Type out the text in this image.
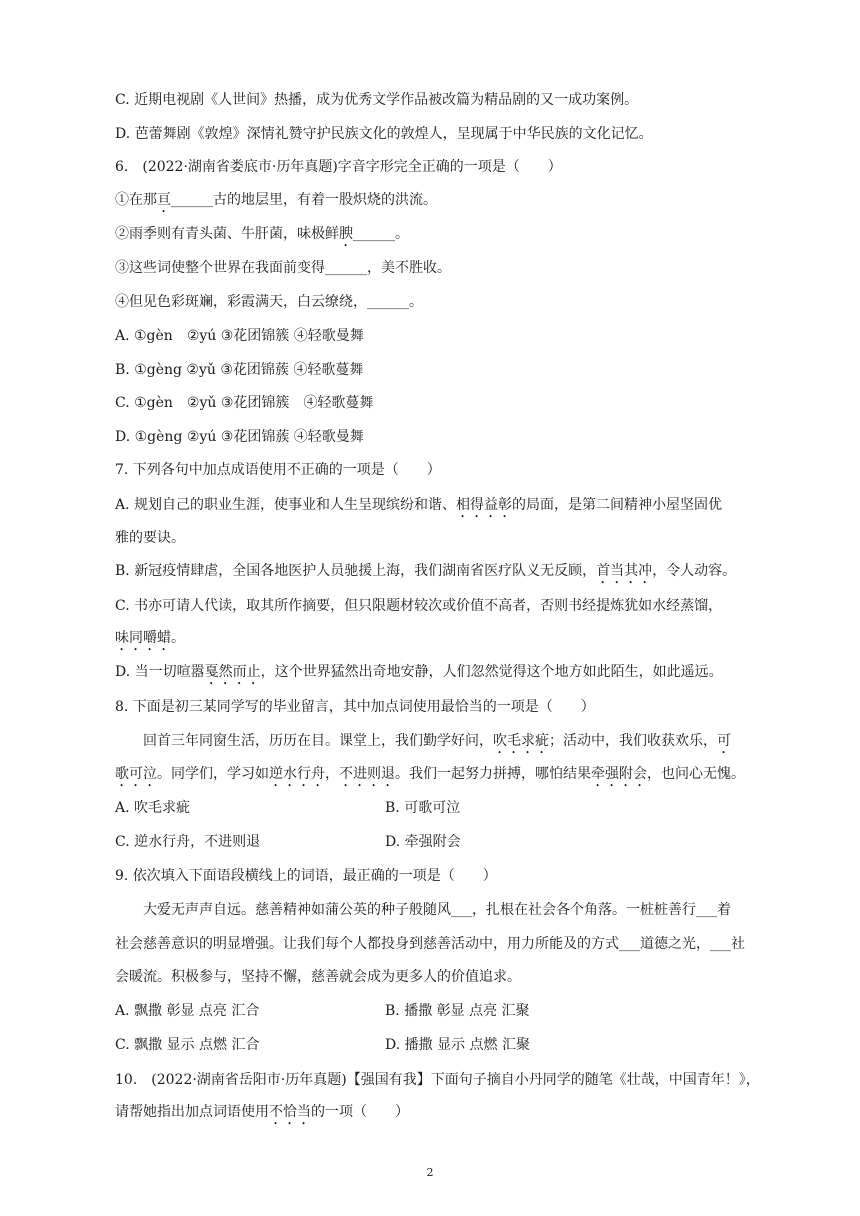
C. 近期电视剧《人世间》热播，成为优秀文学作品被改篇为精品剧的又一成功案例。
D. 芭蕾舞剧《敦煌》深情礼赞守护民族文化的敦煌人，呈现属于中华民族的文化记忆。
6.　(2022·湖南省娄底市·历年真题)字音字形完全正确的一项是（　　）
①在那亘______古的地层里，有着一股炽烧的洪流。
②雨季则有青头菌、牛肝菌，味极鲜腴______。
③这些词使整个世界在我面前变得______，美不胜收。
④但见色彩斑斓，彩霞满天，白云缭绕，______。
A. ①gèn　②yú ③花团锦簇 ④轻歌曼舞
B. ①gèng ②yǔ ③花团锦蔟 ④轻歌蔓舞
C. ①gèn　②yǔ ③花团锦簇　④轻歌蔓舞
D. ①gèng ②yú ③花团锦蔟 ④轻歌曼舞
7. 下列各句中加点成语使用不正确的一项是（　　）
A. 规划自己的职业生涯，使事业和人生呈现缤纷和谐、相得益彰的局面，是第二间精神小屋坚固优
雅的要诀。
B. 新冠疫情肆虐，全国各地医护人员驰援上海，我们湖南省医疗队义无反顾，首当其冲，令人动容。
C. 书亦可请人代读，取其所作摘要，但只限题材较次或价值不高者，否则书经提炼犹如水经蒸馏，
味同嚼蜡。
D. 当一切喧嚣戛然而止，这个世界猛然出奇地安静，人们忽然觉得这个地方如此陌生，如此遥远。
8. 下面是初三某同学写的毕业留言，其中加点词使用最恰当的一项是（　　）
回首三年同窗生活，历历在目。课堂上，我们勤学好问，吹毛求疵；活动中，我们收获欢乐，可
歌可泣。同学们，学习如逆水行舟，不进则退。我们一起努力拼搏，哪怕结果牵强附会，也问心无愧。
A. 吹毛求疵	B. 可歌可泣
C. 逆水行舟，不进则退	D. 牵强附会
9. 依次填入下面语段横线上的词语，最正确的一项是（　　）
大爱无声声自远。慈善精神如蒲公英的种子般随风___，扎根在社会各个角落。一桩桩善行___着
社会慈善意识的明显增强。让我们每个人都投身到慈善活动中，用力所能及的方式___道德之光，___社
会暖流。积极参与，坚持不懈，慈善就会成为更多人的价值追求。
A. 飘撒 彰显 点亮 汇合	B. 播撒 彰显 点亮 汇聚
C. 飘撒 显示 点燃 汇合	D. 播撒 显示 点燃 汇聚
10.　(2022·湖南省岳阳市·历年真题)【强国有我】下面句子摘自小丹同学的随笔《壮哉，中国青年！》，
请帮她指出加点词语使用不恰当的一项（　　）
2
